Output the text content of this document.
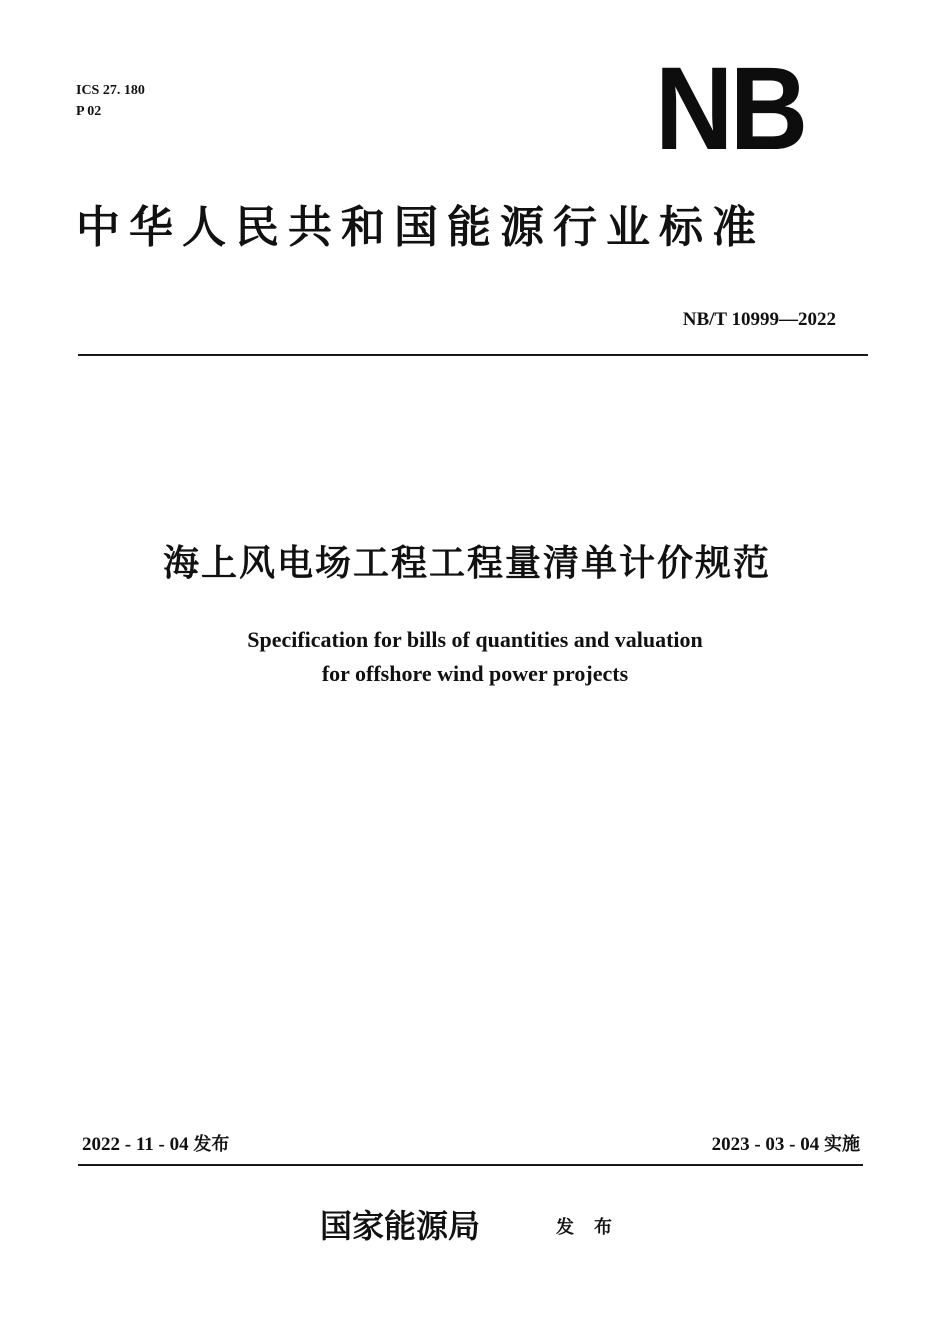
ICS 27. 180
P 02	NB
中华人民共和国能源行业标准
NB/T 10999—2022
海上风电场工程工程量清单计价规范
Specification for bills of quantities and valuation
for offshore wind power projects
2022 - 11 - 04 发布	2023 - 03 - 04 实施
国家能源局	发布
